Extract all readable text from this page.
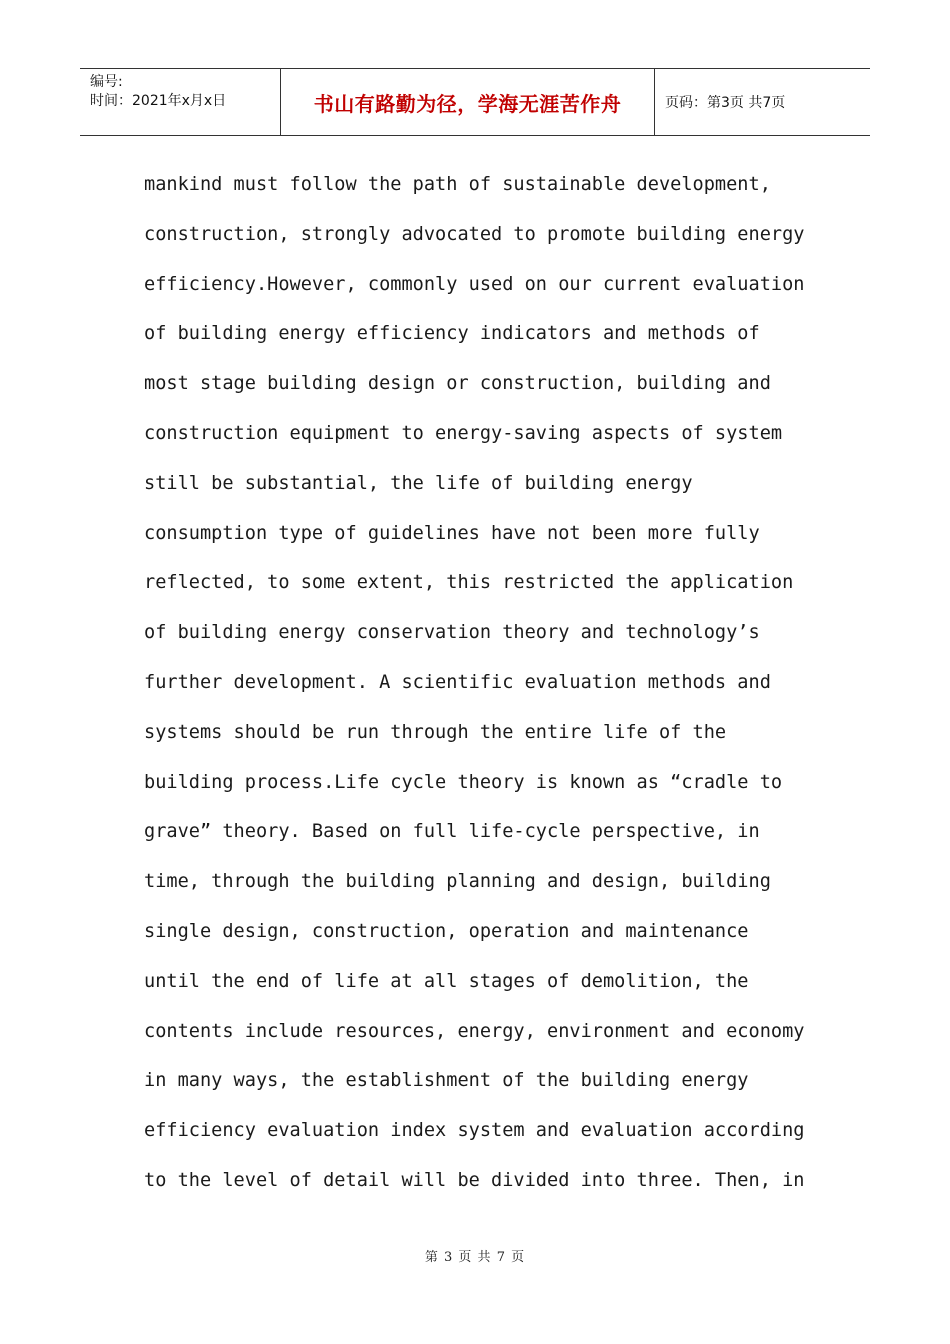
编号:
时间：2021年x月x日	书山有路勤为径，学海无涯苦作舟	页码：第3页 共7页
mankind must follow the path of sustainable development,
construction, strongly advocated to promote building energy
efficiency.However, commonly used on our current evaluation
of building energy efficiency indicators and methods of
most stage building design or construction, building and
construction equipment to energy-saving aspects of system
still be substantial, the life of building energy
consumption type of guidelines have not been more fully
reflected, to some extent, this restricted the application
of building energy conservation theory and technology’s
further development. A scientific evaluation methods and
systems should be run through the entire life of the
building process.Life cycle theory is known as “cradle to
grave” theory. Based on full life-cycle perspective, in
time, through the building planning and design, building
single design, construction, operation and maintenance
until the end of life at all stages of demolition, the
contents include resources, energy, environment and economy
in many ways, the establishment of the building energy
efficiency evaluation index system and evaluation according
to the level of detail will be divided into three. Then, in
第 3 页 共 7 页
